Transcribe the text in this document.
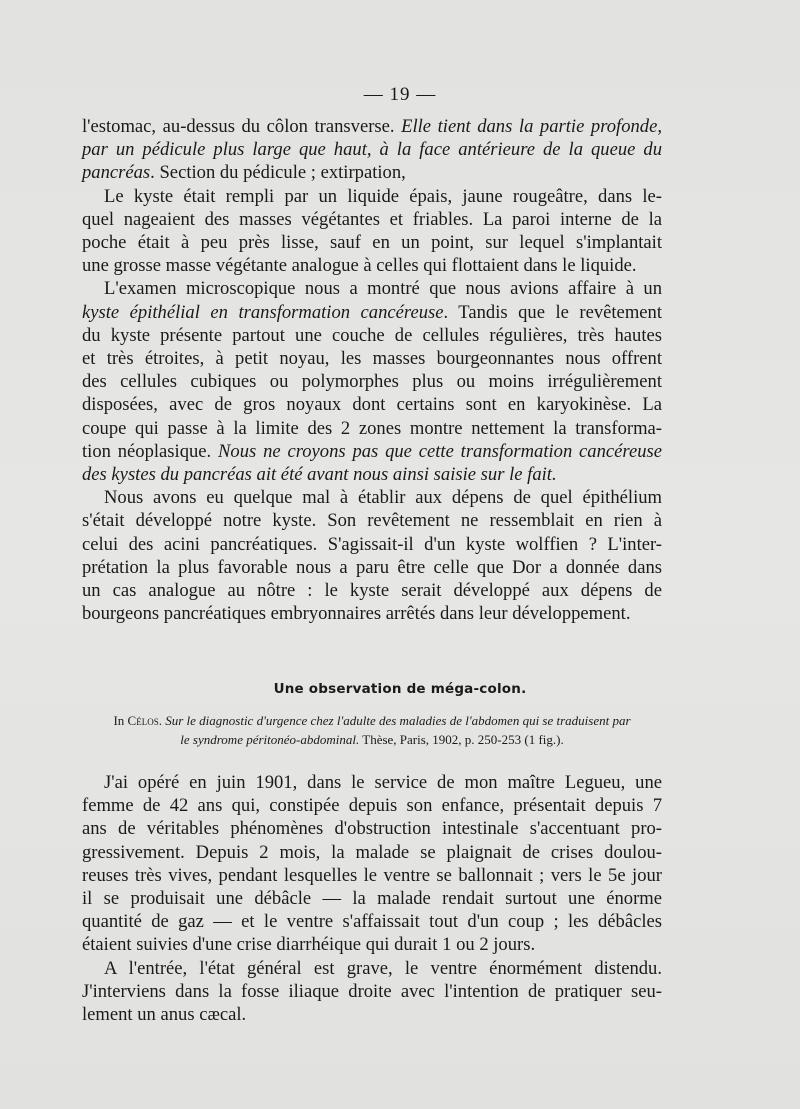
— 19 —

l'estomac, au-dessus du côlon transverse. Elle tient dans la partie profonde,
par un pédicule plus large que haut, à la face antérieure de la queue du
pancréas. Section du pédicule ; extirpation,

Le kyste était rempli par un liquide épais, jaune rougeâtre, dans le-
quel nageaient des masses végétantes et friables. La paroi interne de la
poche était à peu près lisse, sauf en un point, sur lequel s'implantait
une grosse masse végétante analogue à celles qui flottaient dans le liquide.

L'examen microscopique nous a montré que nous avions affaire à un
kyste épithélial en transformation cancéreuse. Tandis que le revêtement
du kyste présente partout une couche de cellules régulières, très hautes
et très étroites, à petit noyau, les masses bourgeonnantes nous offrent
des cellules cubiques ou polymorphes plus ou moins irrégulièrement
disposées, avec de gros noyaux dont certains sont en karyokinèse. La
coupe qui passe à la limite des 2 zones montre nettement la transforma-
tion néoplasique. Nous ne croyons pas que cette transformation cancéreuse
des kystes du pancréas ait été avant nous ainsi saisie sur le fait.

Nous avons eu quelque mal à établir aux dépens de quel épithélium
s'était développé notre kyste. Son revêtement ne ressemblait en rien à
celui des acini pancréatiques. S'agissait-il d'un kyste wolffien ? L'inter-
prétation la plus favorable nous a paru être celle que Dor a donnée dans
un cas analogue au nôtre : le kyste serait développé aux dépens de
bourgeons pancréatiques embryonnaires arrêtés dans leur développement.

Une observation de méga-colon.
In Célos. Sur le diagnostic d'urgence chez l'adulte des maladies de l'abdomen qui se traduisent par
le syndrome péritonéo-abdominal. Thèse, Paris, 1902, p. 250-253 (1 fig.).

J'ai opéré en juin 1901, dans le service de mon maître Legueu, une
femme de 42 ans qui, constipée depuis son enfance, présentait depuis 7
ans de véritables phénomènes d'obstruction intestinale s'accentuant pro-
gressivement. Depuis 2 mois, la malade se plaignait de crises doulou-
reuses très vives, pendant lesquelles le ventre se ballonnait ; vers le 5e jour
il se produisait une débâcle — la malade rendait surtout une énorme
quantité de gaz — et le ventre s'affaissait tout d'un coup ; les débâcles
étaient suivies d'une crise diarrhéique qui durait 1 ou 2 jours.

A l'entrée, l'état général est grave, le ventre énormément distendu.
J'interviens dans la fosse iliaque droite avec l'intention de pratiquer seu-
lement un anus cæcal.
